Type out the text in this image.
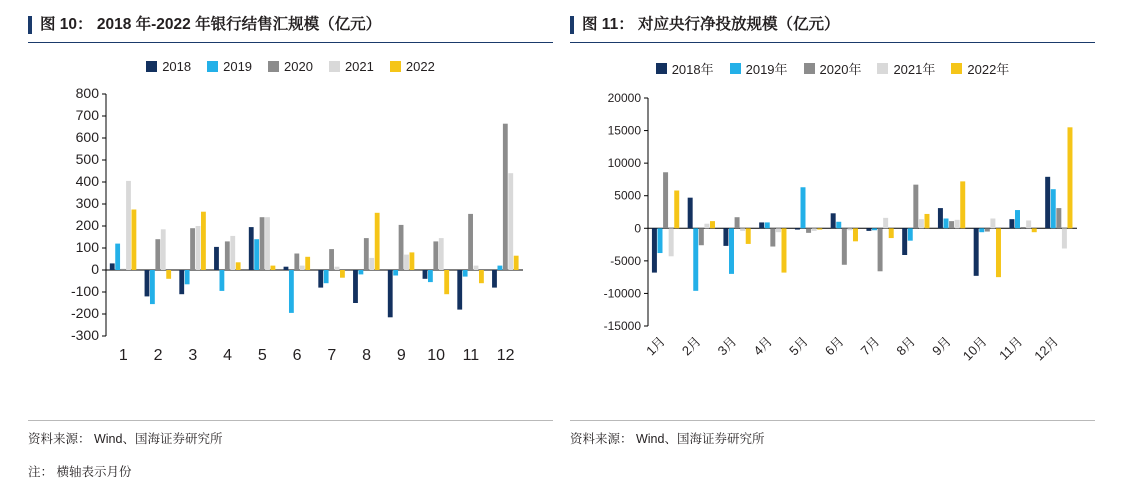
图 10： 2018 年-2022 年银行结售汇规模（亿元）
2018 2019 2020 2021 2022
-300
-200
-100
0
100
200
300
400
500
600
700
800
1 2 3 4 5 6 7 8 9 10 11 12
资料来源： Wind、国海证券研究所
注： 横轴表示月份
图 11： 对应央行净投放规模（亿元）
2018年 2019年 2020年 2021年 2022年
-15000
-10000
-5000
0
5000
10000
15000
20000
1月 2月 3月 4月 5月 6月 7月 8月 9月 10月 11月 12月
资料来源： Wind、国海证券研究所
